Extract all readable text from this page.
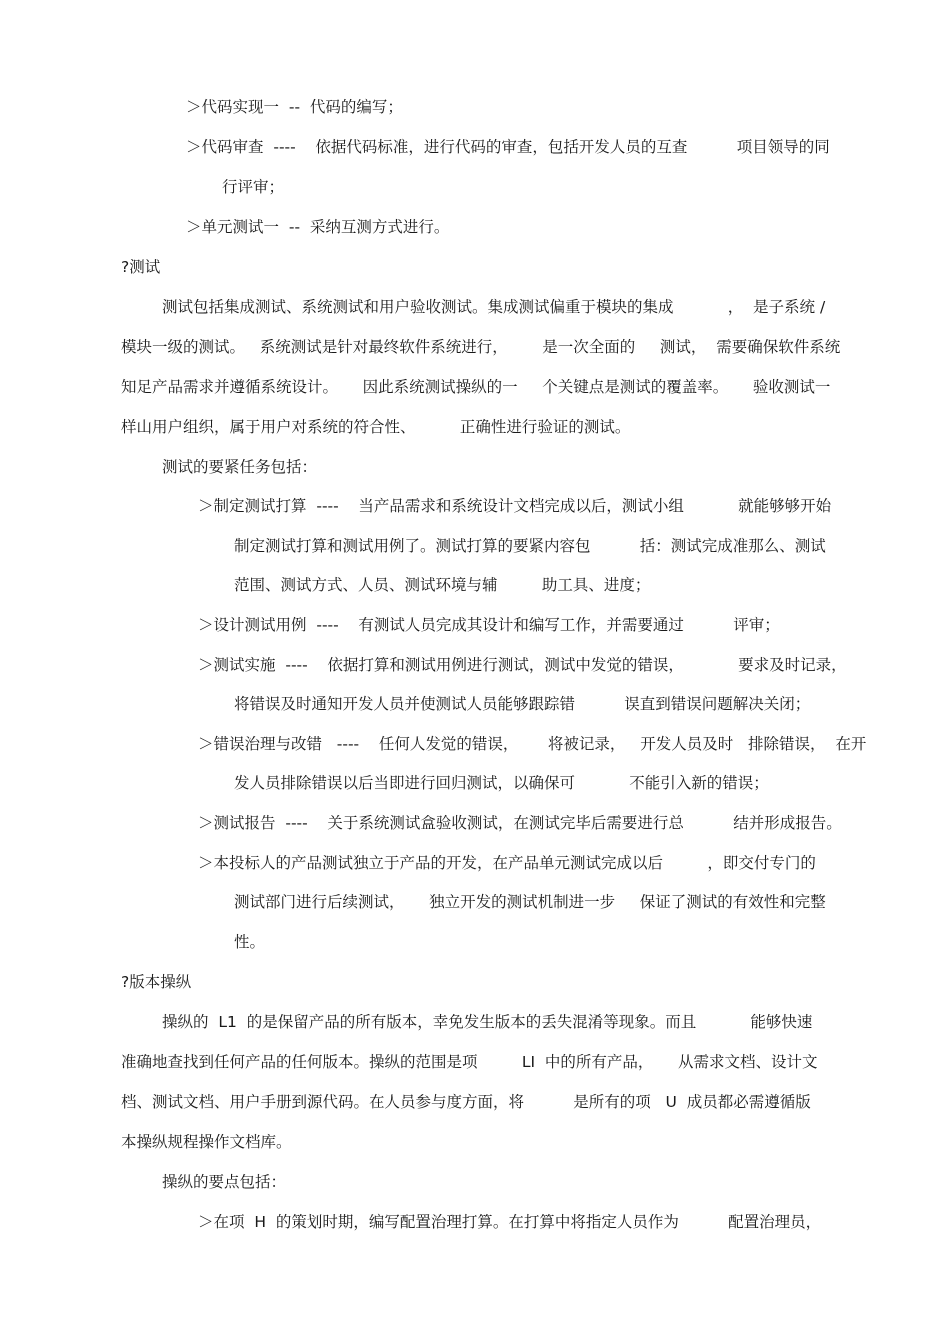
＞代码实现一  --  代码的编写；
＞代码审查  ----    依据代码标准，进行代码的审查，包括开发人员的互查          项目领导的同
行评审；
＞单元测试一  --  采纳互测方式进行。
?测试
测试包括集成测试、系统测试和用户验收测试。集成测试偏重于模块的集成           ，  是子系统 /
模块一级的测试。   系统测试是针对最终软件系统进行，       是一次全面的     测试，  需要确保软件系统
知足产品需求并遵循系统设计。     因此系统测试操纵的一     个关键点是测试的覆盖率。     验收测试一
样山用户组织，属于用户对系统的符合性、         正确性进行验证的测试。
测试的要紧任务包括：
＞制定测试打算  ----    当产品需求和系统设计文档完成以后，测试小组           就能够够开始
制定测试打算和测试用例了。测试打算的要紧内容包          括：测试完成准那么、测试
范围、测试方式、人员、测试环境与辅         助工具、进度；
＞设计测试用例  ----    有测试人员完成其设计和编写工作，并需要通过          评审；
＞测试实施  ----    依据打算和测试用例进行测试，测试中发觉的错误，           要求及时记录，
将错误及时通知开发人员并使测试人员能够跟踪错          误直到错误问题解决关闭；
＞错误治理与改错   ----    任何人发觉的错误，      将被记录，   开发人员及时   排除错误，  在开
发人员排除错误以后当即进行回归测试，以确保可           不能引入新的错误；
＞测试报告  ----    关于系统测试盒验收测试，在测试完毕后需要进行总          结并形成报告。
＞本投标人的产品测试独立于产品的开发，在产品单元测试完成以后         ，即交付专门的
测试部门进行后续测试，     独立开发的测试机制进一步     保证了测试的有效性和完整
性。
?版本操纵
操纵的  L1  的是保留产品的所有版本，幸免发生版本的丢失混淆等现象。而且           能够快速
准确地查找到任何产品的任何版本。操纵的范围是项         LI  中的所有产品，     从需求文档、设计文
档、测试文档、用户手册到源代码。在人员参与度方面，将          是所有的项   U  成员都必需遵循版
本操纵规程操作文档库。
操纵的要点包括：
＞在项  H  的策划时期，编写配置治理打算。在打算中将指定人员作为          配置治理员，
